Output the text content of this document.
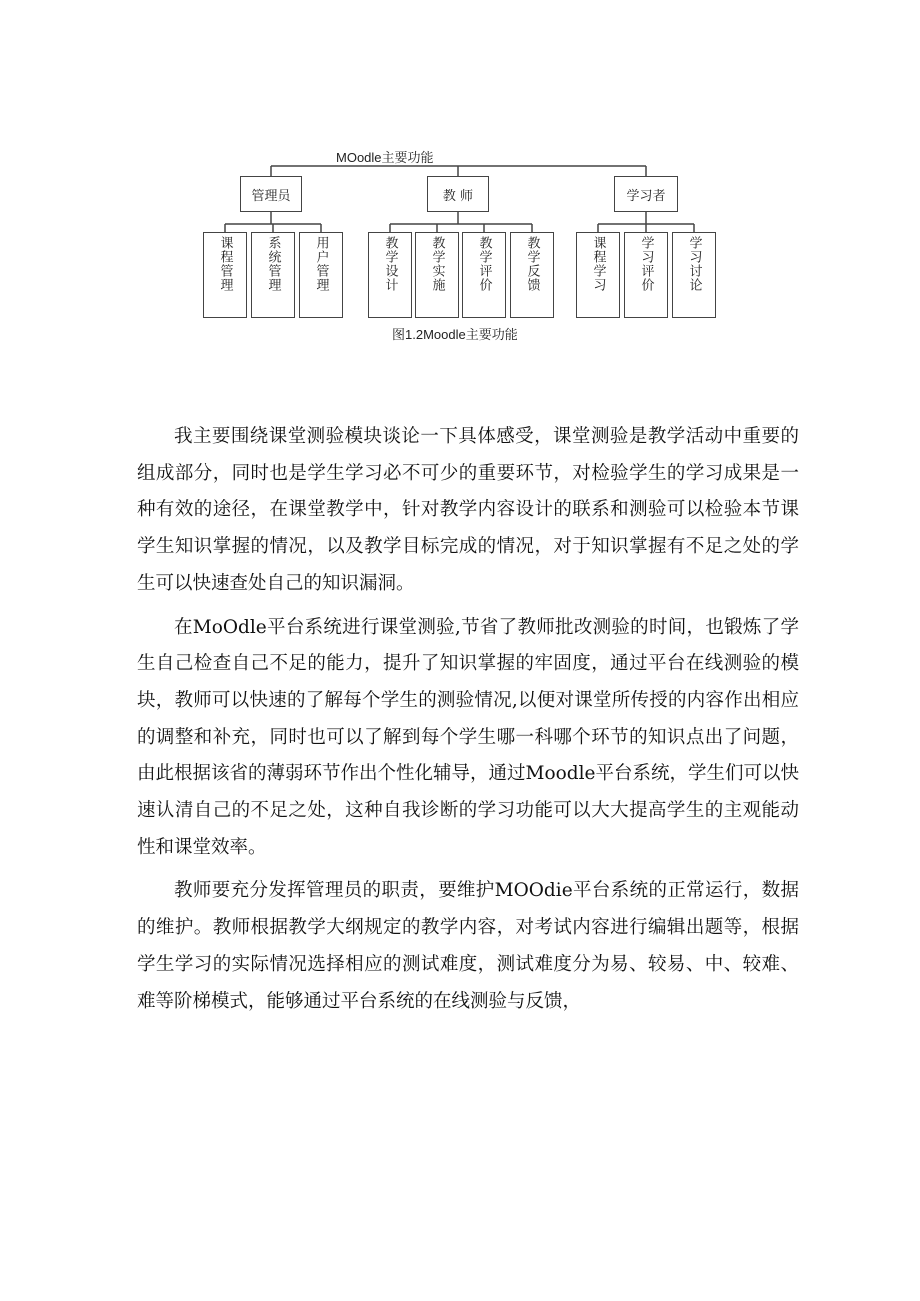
MOodle主要功能
管理员	教 师	学习者
课程管理	系统管理	用户管理	教学设计 教学实施 教学评价	教学反馈	课程学习	学习评价	学习讨论
图1.2Moodle主要功能

我主要围绕课堂测验模块谈论一下具体感受，课堂测验是教学活动中重要的组成部分，同时也是学生学习必不可少的重要环节，对检验学生的学习成果是一种有效的途径，在课堂教学中，针对教学内容设计的联系和测验可以检验本节课学生知识掌握的情况，以及教学目标完成的情况，对于知识掌握有不足之处的学生可以快速查处自己的知识漏洞。

在MoOdle平台系统进行课堂测验,节省了教师批改测验的时间，也锻炼了学生自己检查自己不足的能力，提升了知识掌握的牢固度，通过平台在线测验的模块，教师可以快速的了解每个学生的测验情况,以便对课堂所传授的内容作出相应的调整和补充，同时也可以了解到每个学生哪一科哪个环节的知识点出了问题，由此根据该省的薄弱环节作出个性化辅导，通过Moodle平台系统，学生们可以快速认清自己的不足之处，这种自我诊断的学习功能可以大大提高学生的主观能动性和课堂效率。

教师要充分发挥管理员的职责，要维护MOOdie平台系统的正常运行，数据的维护。教师根据教学大纲规定的教学内容，对考试内容进行编辑出题等，根据学生学习的实际情况选择相应的测试难度，测试难度分为易、较易、中、较难、难等阶梯模式，能够通过平台系统的在线测验与反馈，
